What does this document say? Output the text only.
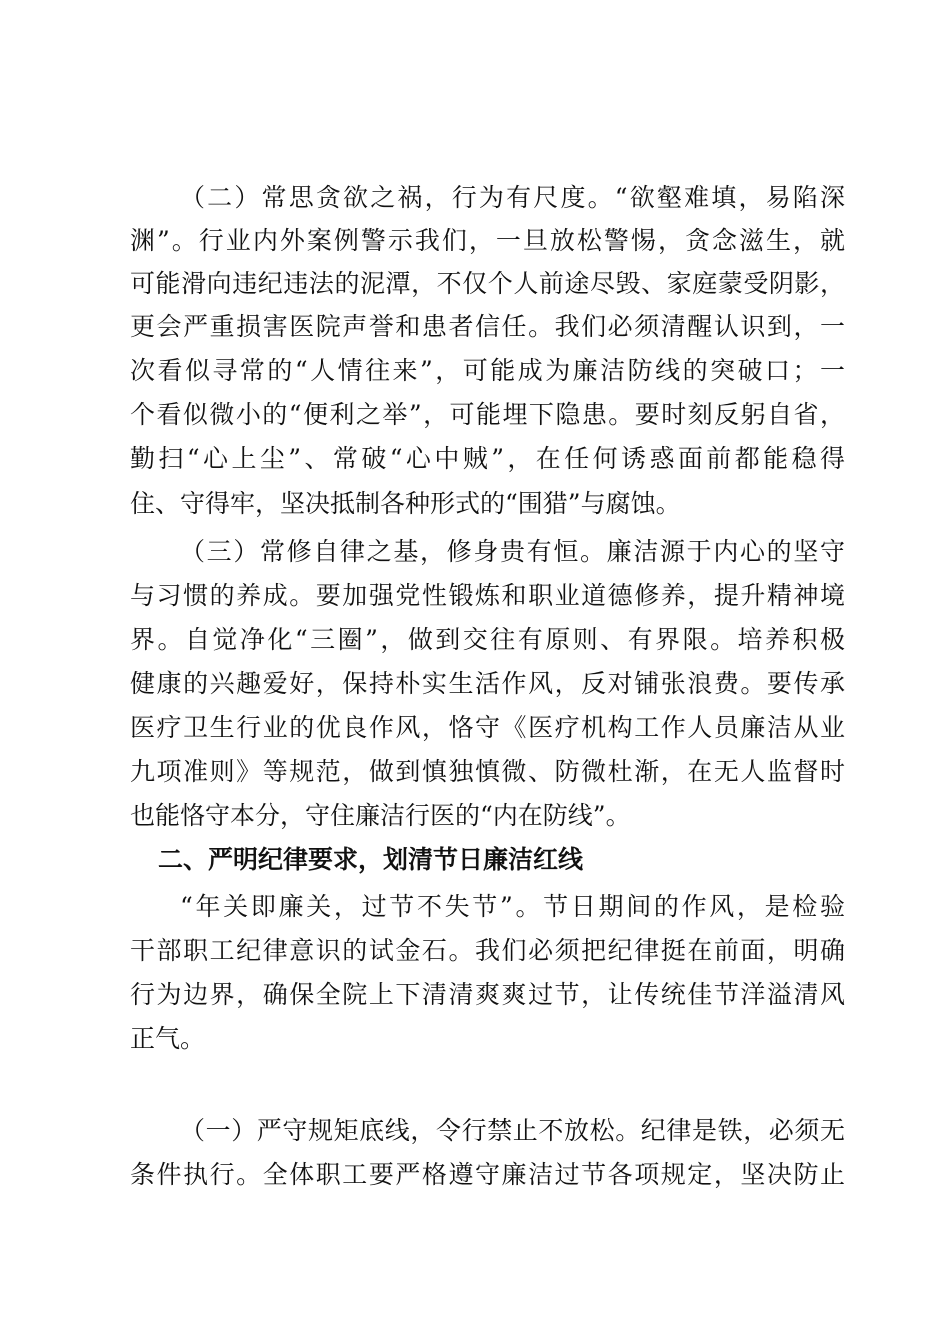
（二）常思贪欲之祸，行为有尺度。“欲壑难填，易陷深
渊”。行业内外案例警示我们，一旦放松警惕，贪念滋生，就
可能滑向违纪违法的泥潭，不仅个人前途尽毁、家庭蒙受阴影，
更会严重损害医院声誉和患者信任。我们必须清醒认识到，一
次看似寻常的“人情往来”，可能成为廉洁防线的突破口；一
个看似微小的“便利之举”，可能埋下隐患。要时刻反躬自省，
勤扫“心上尘”、常破“心中贼”，在任何诱惑面前都能稳得
住、守得牢，坚决抵制各种形式的“围猎”与腐蚀。
（三）常修自律之基，修身贵有恒。廉洁源于内心的坚守
与习惯的养成。要加强党性锻炼和职业道德修养，提升精神境
界。自觉净化“三圈”，做到交往有原则、有界限。培养积极
健康的兴趣爱好，保持朴实生活作风，反对铺张浪费。要传承
医疗卫生行业的优良作风，恪守《医疗机构工作人员廉洁从业
九项准则》等规范，做到慎独慎微、防微杜渐，在无人监督时
也能恪守本分，守住廉洁行医的“内在防线”。
二、严明纪律要求，划清节日廉洁红线
“年关即廉关，过节不失节”。节日期间的作风，是检验
干部职工纪律意识的试金石。我们必须把纪律挺在前面，明确
行为边界，确保全院上下清清爽爽过节，让传统佳节洋溢清风
正气。
（一）严守规矩底线，令行禁止不放松。纪律是铁，必须无
条件执行。全体职工要严格遵守廉洁过节各项规定，坚决防止
